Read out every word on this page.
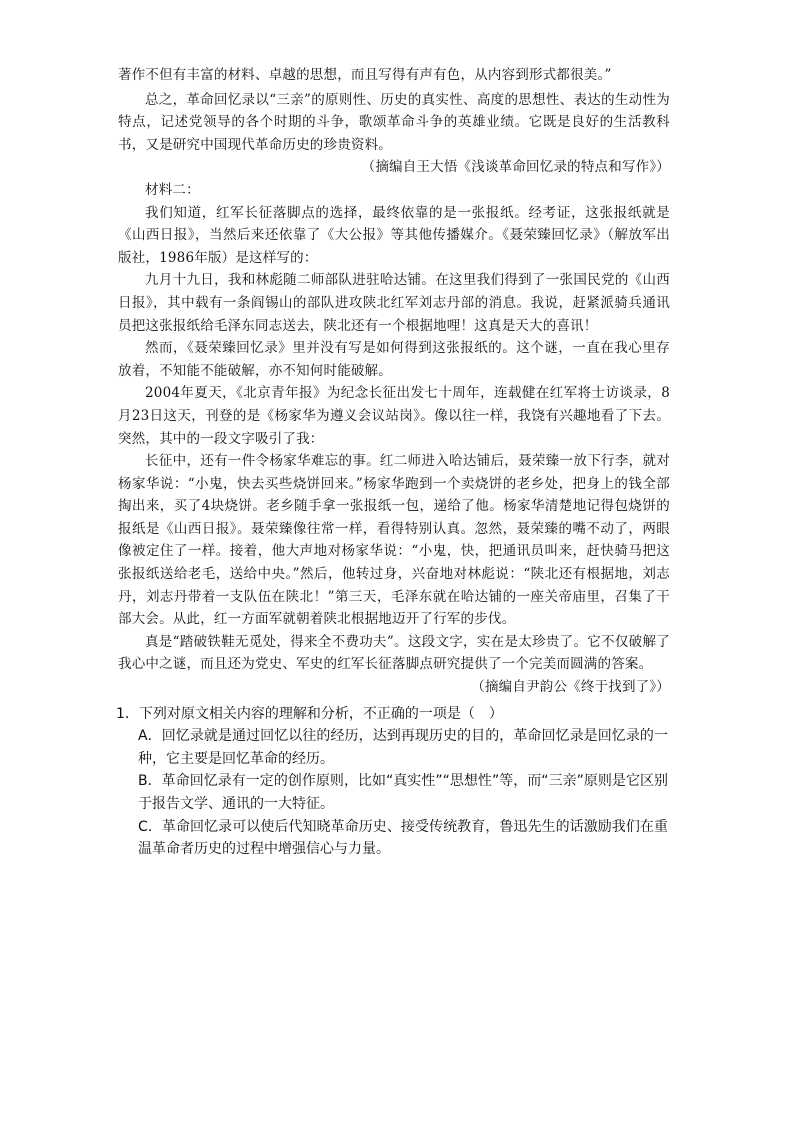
著作不但有丰富的材料、卓越的思想，而且写得有声有色，从内容到形式都很美。”

总之，革命回忆录以“三亲”的原则性、历史的真实性、高度的思想性、表达的生动性为特点，记述党领导的各个时期的斗争，歌颂革命斗争的英雄业绩。它既是良好的生活教科书，又是研究中国现代革命历史的珍贵资料。

（摘编自王大悟《浅谈革命回忆录的特点和写作》）

材料二：

我们知道，红军长征落脚点的选择，最终依靠的是一张报纸。经考证，这张报纸就是《山西日报》，当然后来还依靠了《大公报》等其他传播媒介。《聂荣臻回忆录》（解放军出版社，1986年版）是这样写的：

九月十九日，我和林彪随二师部队进驻哈达铺。在这里我们得到了一张国民党的《山西日报》，其中载有一条阎锡山的部队进攻陕北红军刘志丹部的消息。我说，赶紧派骑兵通讯员把这张报纸给毛泽东同志送去，陕北还有一个根据地哩！这真是天大的喜讯！

然而，《聂荣臻回忆录》里并没有写是如何得到这张报纸的。这个谜，一直在我心里存放着，不知能不能破解，亦不知何时能破解。

2004年夏天，《北京青年报》为纪念长征出发七十周年，连载健在红军将士访谈录，8月23日这天，刊登的是《杨家华为遵义会议站岗》。像以往一样，我饶有兴趣地看了下去。突然，其中的一段文字吸引了我：

长征中，还有一件令杨家华难忘的事。红二师进入哈达铺后，聂荣臻一放下行李，就对杨家华说：“小鬼，快去买些烧饼回来。”杨家华跑到一个卖烧饼的老乡处，把身上的钱全部掏出来，买了4块烧饼。老乡随手拿一张报纸一包，递给了他。杨家华清楚地记得包烧饼的报纸是《山西日报》。聂荣臻像往常一样，看得特别认真。忽然，聂荣臻的嘴不动了，两眼像被定住了一样。接着，他大声地对杨家华说：“小鬼，快，把通讯员叫来，赶快骑马把这张报纸送给老毛，送给中央。”然后，他转过身，兴奋地对林彪说：“陕北还有根据地，刘志丹，刘志丹带着一支队伍在陕北！”第三天，毛泽东就在哈达铺的一座关帝庙里，召集了干部大会。从此，红一方面军就朝着陕北根据地迈开了行军的步伐。

真是“踏破铁鞋无觅处，得来全不费功夫”。这段文字，实在是太珍贵了。它不仅破解了我心中之谜，而且还为党史、军史的红军长征落脚点研究提供了一个完美而圆满的答案。

（摘编自尹韵公《终于找到了》）

1．下列对原文相关内容的理解和分析，不正确的一项是（　）

A．回忆录就是通过回忆以往的经历，达到再现历史的目的，革命回忆录是回忆录的一种，它主要是回忆革命的经历。

B．革命回忆录有一定的创作原则，比如“真实性”“思想性”等，而“三亲”原则是它区别于报告文学、通讯的一大特征。

C．革命回忆录可以使后代知晓革命历史、接受传统教育，鲁迅先生的话激励我们在重温革命者历史的过程中增强信心与力量。
